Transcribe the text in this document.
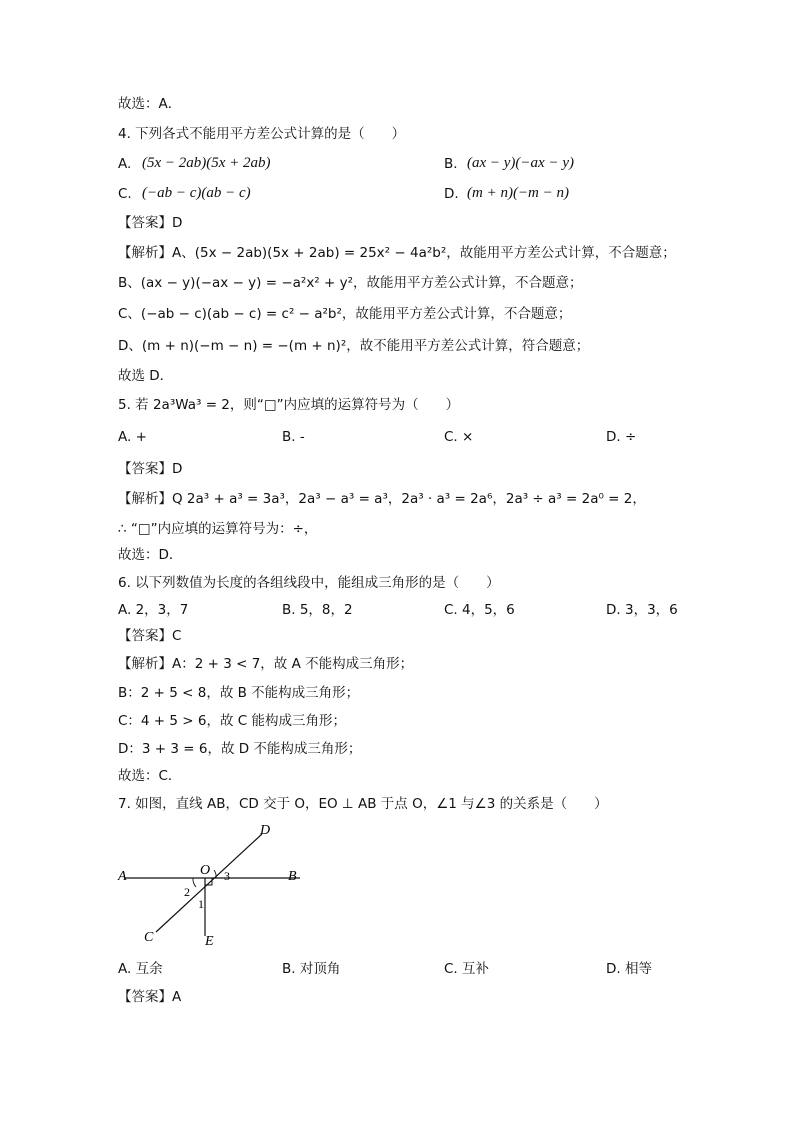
故选：A．
4. 下列各式不能用平方差公式计算的是（　　）
A. (5x − 2ab)(5x + 2ab)	B. (ax − y)(−ax − y)
C. (−ab − c)(ab − c)	D. (m + n)(−m − n)
【答案】D
【解析】A、(5x − 2ab)(5x + 2ab) = 25x² − 4a²b²，故能用平方差公式计算，不合题意；
B、(ax − y)(−ax − y) = −a²x² + y²，故能用平方差公式计算，不合题意；
C、(−ab − c)(ab − c) = c² − a²b²，故能用平方差公式计算，不合题意；
D、(m + n)(−m − n) = −(m + n)²，故不能用平方差公式计算，符合题意；
故选 D．
5. 若 2a³W​a³ = 2，则“□”内应填的运算符号为（　　）
A. +	B. -	C. ×	D. ÷
【答案】D
【解析】Q 2a³ + a³ = 3a³，2a³ − a³ = a³，2a³ · a³ = 2a⁶，2a³ ÷ a³ = 2a⁰ = 2，
∴ “□”内应填的运算符号为：÷，
故选：D．
6. 以下列数值为长度的各组线段中，能组成三角形的是（　　）
A. 2，3，7	B. 5，8，2	C. 4，5，6	D. 3，3，6
【答案】C
【解析】A：2 + 3 < 7，故 A 不能构成三角形；
B：2 + 5 < 8，故 B 不能构成三角形；
C：4 + 5 > 6，故 C 能构成三角形；
D：3 + 3 = 6，故 D 不能构成三角形；
故选：C．
7. 如图，直线 AB，CD 交于 O，EO ⊥ AB 于点 O，∠1 与∠3 的关系是（　　）
A	B
C
D
E
O
1
2
3
A. 互余	B. 对顶角	C. 互补	D. 相等
【答案】A
